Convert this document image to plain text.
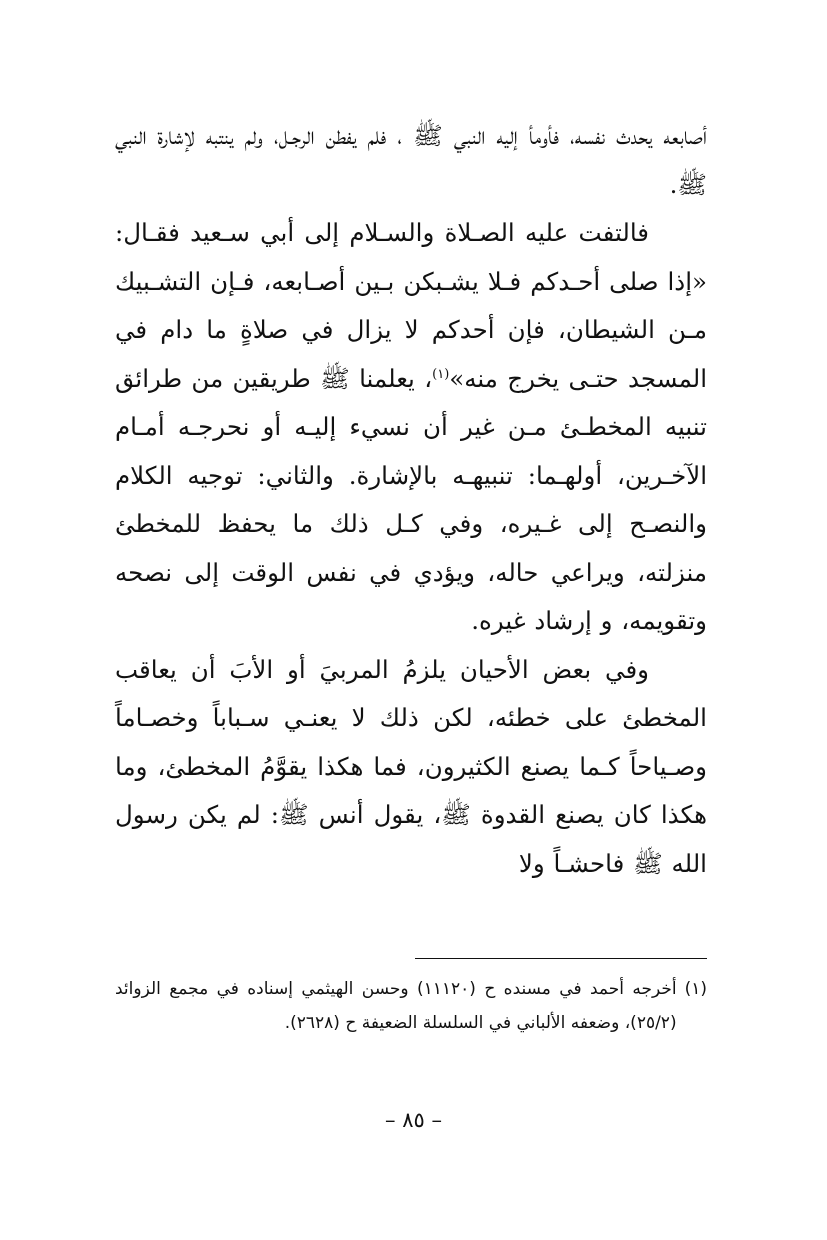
أصابعه يحدث نفسه، فأومأ إليه النبي ﷺ ، فلم يفطن الرجـل، ولم ينتبه لإشارة النبي ﷺ.

فالتفت عليه الصـلاة والسـلام إلى أبي سـعيد فقـال: «إذا صلى أحـدكم فـلا يشـبكن بـين أصـابعه، فـإن التشـبيك مـن الشيطان، فإن أحدكم لا يزال في صلاةٍ ما دام في المسجد حتـى يخرج منه»$^{(١)}$، يعلمنا ﷺ طريقين من طرائق تنبيه المخطـئ مـن غير أن نسيء إليـه أو نحرجـه أمـام الآخـرين، أولهـما: تنبيهـه بالإشارة. والثاني: توجيه الكلام والنصـح إلى غـيره، وفي كـل ذلك ما يحفظ للمخطئ منزلته، ويراعي حاله، ويؤدي في نفس الوقت إلى نصحه وتقويمه، و إرشاد غيره.

وفي بعض الأحيان يلزمُ المربيَ أو الأبَ أن يعاقب المخطئ على خطئه، لكن ذلك لا يعنـي سـباباً وخصـاماً وصـياحاً كـما يصنع الكثيرون، فما هكذا يقوَّمُ المخطئ، وما هكذا كان يصنع القدوة ﷺ، يقول أنس ﷺ: لم يكن رسول الله ﷺ فاحشـاً ولا

(١)
أخرجه أحمد في مسنده ح (١١١٢٠) وحسن الهيثمي إسناده في مجمع الزوائد (٢٥/٢)، وضعفه الألباني في السلسلة الضعيفة ح (٢٦٢٨).
– ٨٥ –
